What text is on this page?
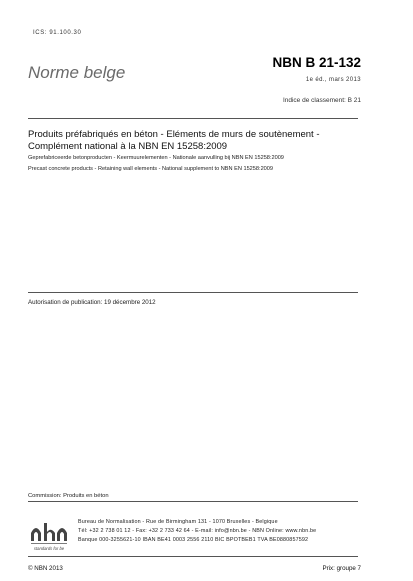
ICS: 91.100.30
Norme belge
NBN B 21-132
1e éd., mars 2013
Indice de classement: B 21
Produits préfabriqués en béton - Eléments de murs de soutènement - Complément national à la NBN EN 15258:2009
Geprefabriceerde betonproducten - Keermuurelementen - Nationale aanvulling bij NBN EN 15258:2009
Precast concrete products - Retaining wall elements - National supplement to NBN EN 15258:2009
Autorisation de publication: 19 décembre 2012
Commission: Produits en béton
standards for be
Bureau de Normalisation - Rue de Birmingham 131 - 1070 Bruxelles - Belgique
Tél: +32 2 738 01 12 - Fax: +32 2 733 42 64 - E-mail: info@nbn.be - NBN Online: www.nbn.be
Banque 000-3255621-10 IBAN BE41 0003 2556 2110 BIC BPOTBEB1 TVA BE0880857592
© NBN 2013	Prix: groupe 7
